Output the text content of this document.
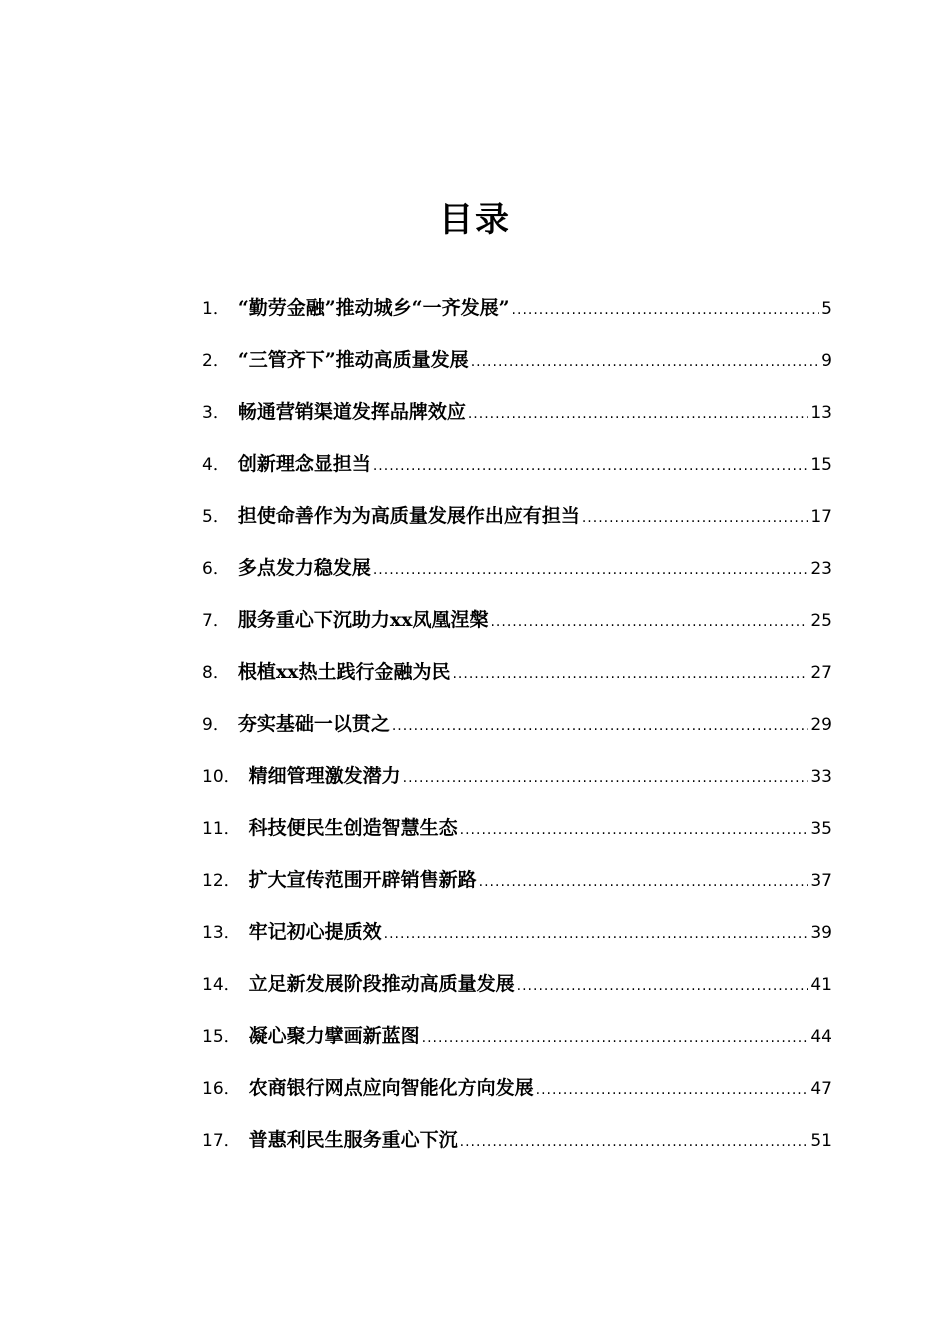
目录
1． “勤劳金融”推动城乡“一齐发展” .....	5
2． “三管齐下”推动高质量发展 .....	9
3． 畅通营销渠道发挥品牌效应 .....	13
4． 创新理念显担当 .....	15
5． 担使命善作为为高质量发展作出应有担当 .....	17
6． 多点发力稳发展 .....	23
7． 服务重心下沉助力xx凤凰涅槃 .....	25
8． 根植xx热土践行金融为民 .....	27
9． 夯实基础一以贯之 .....	29
10． 精细管理激发潜力 .....	33
11． 科技便民生创造智慧生态 .....	35
12． 扩大宣传范围开辟销售新路 .....	37
13． 牢记初心提质效 .....	39
14． 立足新发展阶段推动高质量发展 .....	41
15． 凝心聚力擘画新蓝图 .....	44
16． 农商银行网点应向智能化方向发展 .....	47
17． 普惠利民生服务重心下沉 .....	51
